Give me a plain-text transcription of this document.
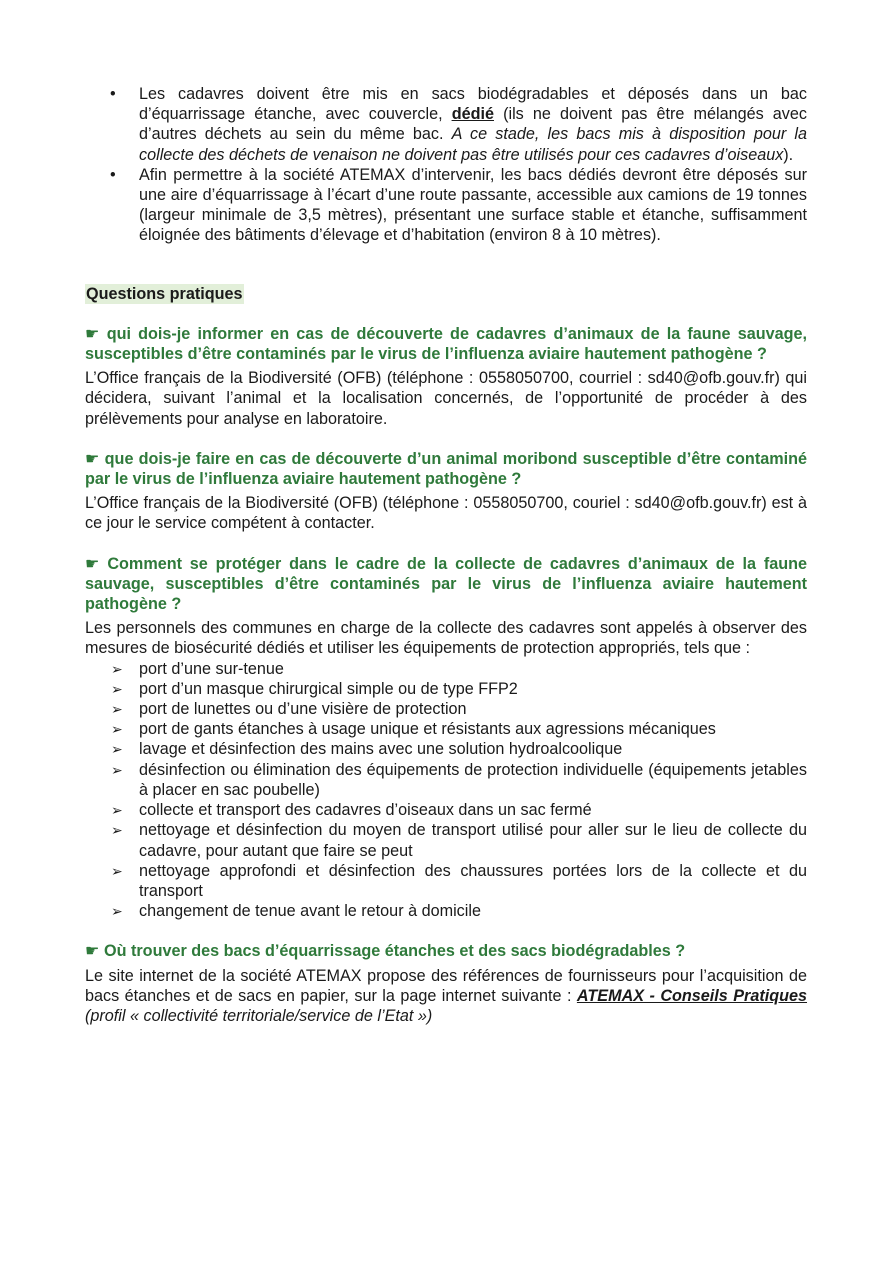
• Les cadavres doivent être mis en sacs biodégradables et déposés dans un bac d’équarrissage étanche, avec couvercle, dédié (ils ne doivent pas être mélangés avec d’autres déchets au sein du même bac. A ce stade, les bacs mis à disposition pour la collecte des déchets de venaison ne doivent pas être utilisés pour ces cadavres d’oiseaux).
• Afin permettre à la société ATEMAX d’intervenir, les bacs dédiés devront être déposés sur une aire d’équarrissage à l’écart d’une route passante, accessible aux camions de 19 tonnes (largeur minimale de 3,5 mètres), présentant une surface stable et étanche, suffisamment éloignée des bâtiments d’élevage et d’habitation (environ 8 à 10 mètres).

Questions pratiques

☛ qui dois-je informer en cas de découverte de cadavres d’animaux de la faune sauvage, susceptibles d’être contaminés par le virus de l’influenza aviaire hautement pathogène ?

L’Office français de la Biodiversité (OFB) (téléphone : 0558050700, courriel : sd40@ofb.gouv.fr) qui décidera, suivant l’animal et la localisation concernés, de l’opportunité de procéder à des prélèvements pour analyse en laboratoire.

☛ que dois-je faire en cas de découverte d’un animal moribond susceptible d’être contaminé par le virus de l’influenza aviaire hautement pathogène ?

L’Office français de la Biodiversité (OFB) (téléphone : 0558050700, couriel : sd40@ofb.gouv.fr) est à ce jour le service compétent à contacter.

☛ Comment se protéger dans le cadre de la collecte de cadavres d’animaux de la faune sauvage, susceptibles d’être contaminés par le virus de l’influenza aviaire hautement pathogène ?

Les personnels des communes en charge de la collecte des cadavres sont appelés à observer des mesures de biosécurité dédiés et utiliser les équipements de protection appropriés, tels que :

➢ port d’une sur-tenue
➢ port d’un masque chirurgical simple ou de type FFP2
➢ port de lunettes ou d’une visière de protection
➢ port de gants étanches à usage unique et résistants aux agressions mécaniques
➢ lavage et désinfection des mains avec une solution hydroalcoolique
➢ désinfection ou élimination des équipements de protection individuelle (équipements jetables à placer en sac poubelle)
➢ collecte et transport des cadavres d’oiseaux dans un sac fermé
➢ nettoyage et désinfection du moyen de transport utilisé pour aller sur le lieu de collecte du cadavre, pour autant que faire se peut
➢ nettoyage approfondi et désinfection des chaussures portées lors de la collecte et du transport
➢ changement de tenue avant le retour à domicile

☛ Où trouver des bacs d’équarrissage étanches et des sacs biodégradables ?

Le site internet de la société ATEMAX propose des références de fournisseurs pour l’acquisition de bacs étanches et de sacs en papier, sur la page internet suivante : ATEMAX - Conseils Pratiques (profil « collectivité territoriale/service de l’Etat »)
